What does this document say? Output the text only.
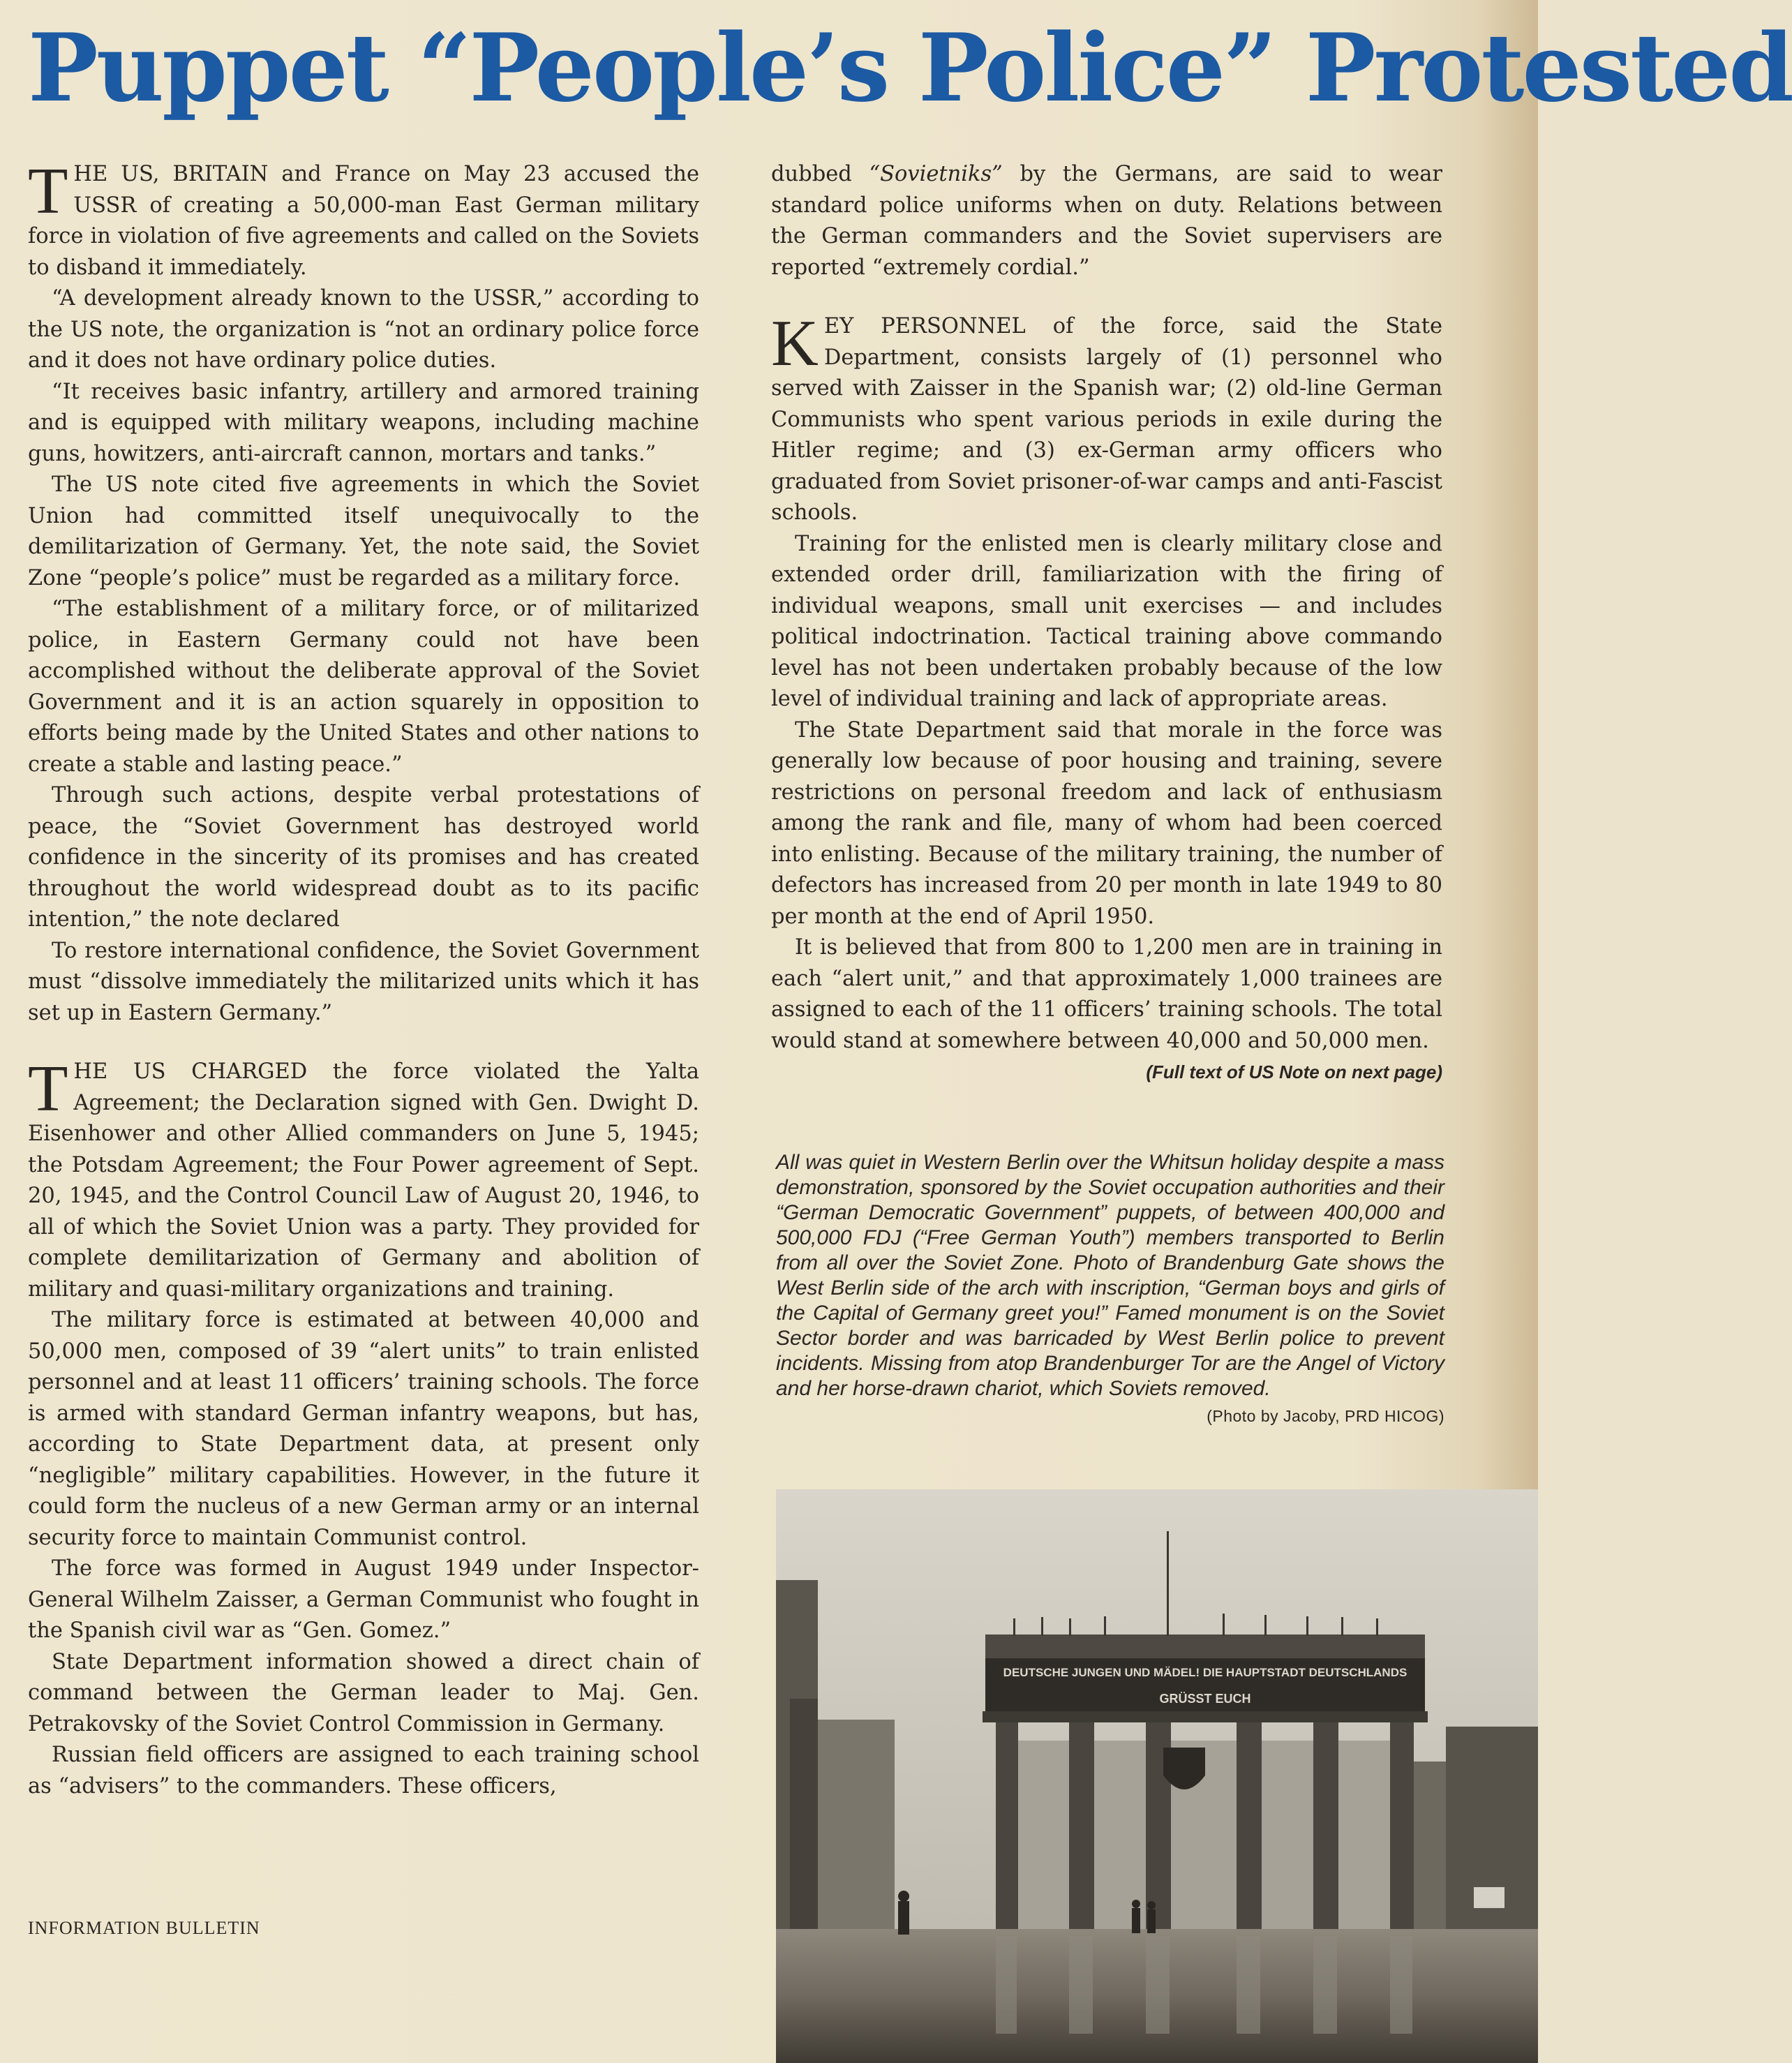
Puppet “People’s Police” Protested

THE US, BRITAIN and France on May 23 accused the USSR of creating a 50,000-man East German military force in violation of five agreements and called on the Soviets to disband it immediately.

“A development already known to the USSR,” according to the US note, the organization is “not an ordinary police force and it does not have ordinary police duties.

“It receives basic infantry, artillery and armored training and is equipped with military weapons, including machine guns, howitzers, anti-aircraft cannon, mortars and tanks.”

The US note cited five agreements in which the Soviet Union had committed itself unequivocally to the demilitarization of Germany. Yet, the note said, the Soviet Zone “people’s police” must be regarded as a military force.

“The establishment of a military force, or of militarized police, in Eastern Germany could not have been accomplished without the deliberate approval of the Soviet Government and it is an action squarely in opposition to efforts being made by the United States and other nations to create a stable and lasting peace.”

Through such actions, despite verbal protestations of peace, the “Soviet Government has destroyed world confidence in the sincerity of its promises and has created throughout the world widespread doubt as to its pacific intention,” the note declared

To restore international confidence, the Soviet Government must “dissolve immediately the militarized units which it has set up in Eastern Germany.”

THE US CHARGED the force violated the Yalta Agreement; the Declaration signed with Gen. Dwight D. Eisenhower and other Allied commanders on June 5, 1945; the Potsdam Agreement; the Four Power agreement of Sept. 20, 1945, and the Control Council Law of August 20, 1946, to all of which the Soviet Union was a party. They provided for complete demilitarization of Germany and abolition of military and quasi-military organizations and training.

The military force is estimated at between 40,000 and 50,000 men, composed of 39 “alert units” to train enlisted personnel and at least 11 officers’ training schools. The force is armed with standard German infantry weapons, but has, according to State Department data, at present only “negligible” military capabilities. However, in the future it could form the nucleus of a new German army or an internal security force to maintain Communist control.

The force was formed in August 1949 under Inspector-General Wilhelm Zaisser, a German Communist who fought in the Spanish civil war as “Gen. Gomez.”

State Department information showed a direct chain of command between the German leader to Maj. Gen. Petrakovsky of the Soviet Control Commission in Germany.

Russian field officers are assigned to each training school as “advisers” to the commanders. These officers,

dubbed “Sovietniks” by the Germans, are said to wear standard police uniforms when on duty. Relations between the German commanders and the Soviet supervisers are reported “extremely cordial.”

KEY PERSONNEL of the force, said the State Department, consists largely of (1) personnel who served with Zaisser in the Spanish war; (2) old-line German Communists who spent various periods in exile during the Hitler regime; and (3) ex-German army officers who graduated from Soviet prisoner-of-war camps and anti-Fascist schools.

Training for the enlisted men is clearly military close and extended order drill, familiarization with the firing of individual weapons, small unit exercises — and includes political indoctrination. Tactical training above commando level has not been undertaken probably because of the low level of individual training and lack of appropriate areas.

The State Department said that morale in the force was generally low because of poor housing and training, severe restrictions on personal freedom and lack of enthusiasm among the rank and file, many of whom had been coerced into enlisting. Because of the military training, the number of defectors has increased from 20 per month in late 1949 to 80 per month at the end of April 1950.

It is believed that from 800 to 1,200 men are in training in each “alert unit,” and that approximately 1,000 trainees are assigned to each of the 11 officers’ training schools. The total would stand at somewhere between 40,000 and 50,000 men.
(Full text of US Note on next page)

All was quiet in Western Berlin over the Whitsun holiday despite a mass demonstration, sponsored by the Soviet occupation authorities and their “German Democratic Government” puppets, of between 400,000 and 500,000 FDJ (“Free German Youth”) members transported to Berlin from all over the Soviet Zone. Photo of Brandenburg Gate shows the West Berlin side of the arch with inscription, “German boys and girls of the Capital of Germany greet you!” Famed monument is on the Soviet Sector border and was barricaded by West Berlin police to prevent incidents. Missing from atop Brandenburger Tor are the Angel of Victory and her horse-drawn chariot, which Soviets removed.
(Photo by Jacoby, PRD HICOG)
DEUTSCHE JUNGEN UND MÄDEL! DIE HAUPTSTADT DEUTSCHLANDS
GRÜSST EUCH
INFORMATION BULLETIN
